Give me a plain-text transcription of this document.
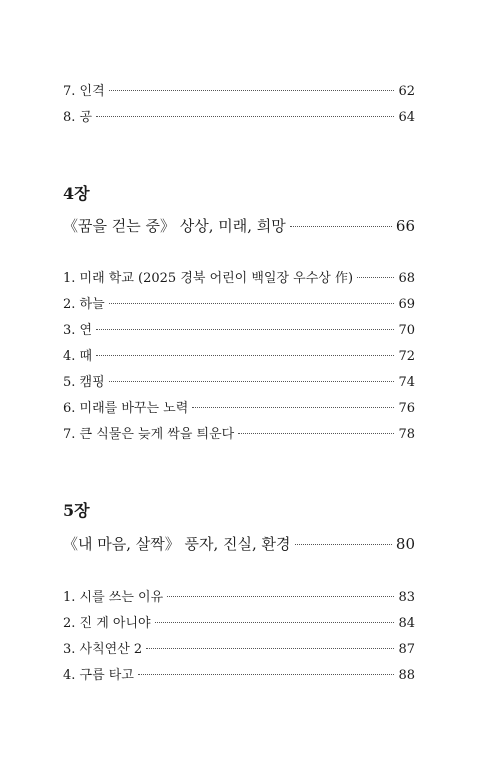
7. 인격	62
8. 공	64
4장
《꿈을 걷는 중》 상상, 미래, 희망	66
1. 미래 학교 (2025 경북 어린이 백일장 우수상 作)	68
2. 하늘	69
3. 연	70
4. 때	72
5. 캠핑	74
6. 미래를 바꾸는 노력	76
7. 큰 식물은 늦게 싹을 틔운다	78
5장
《내 마음, 살짝》 풍자, 진실, 환경	80
1. 시를 쓰는 이유	83
2. 진 게 아니야	84
3. 사칙연산 2	87
4. 구름 타고	88
